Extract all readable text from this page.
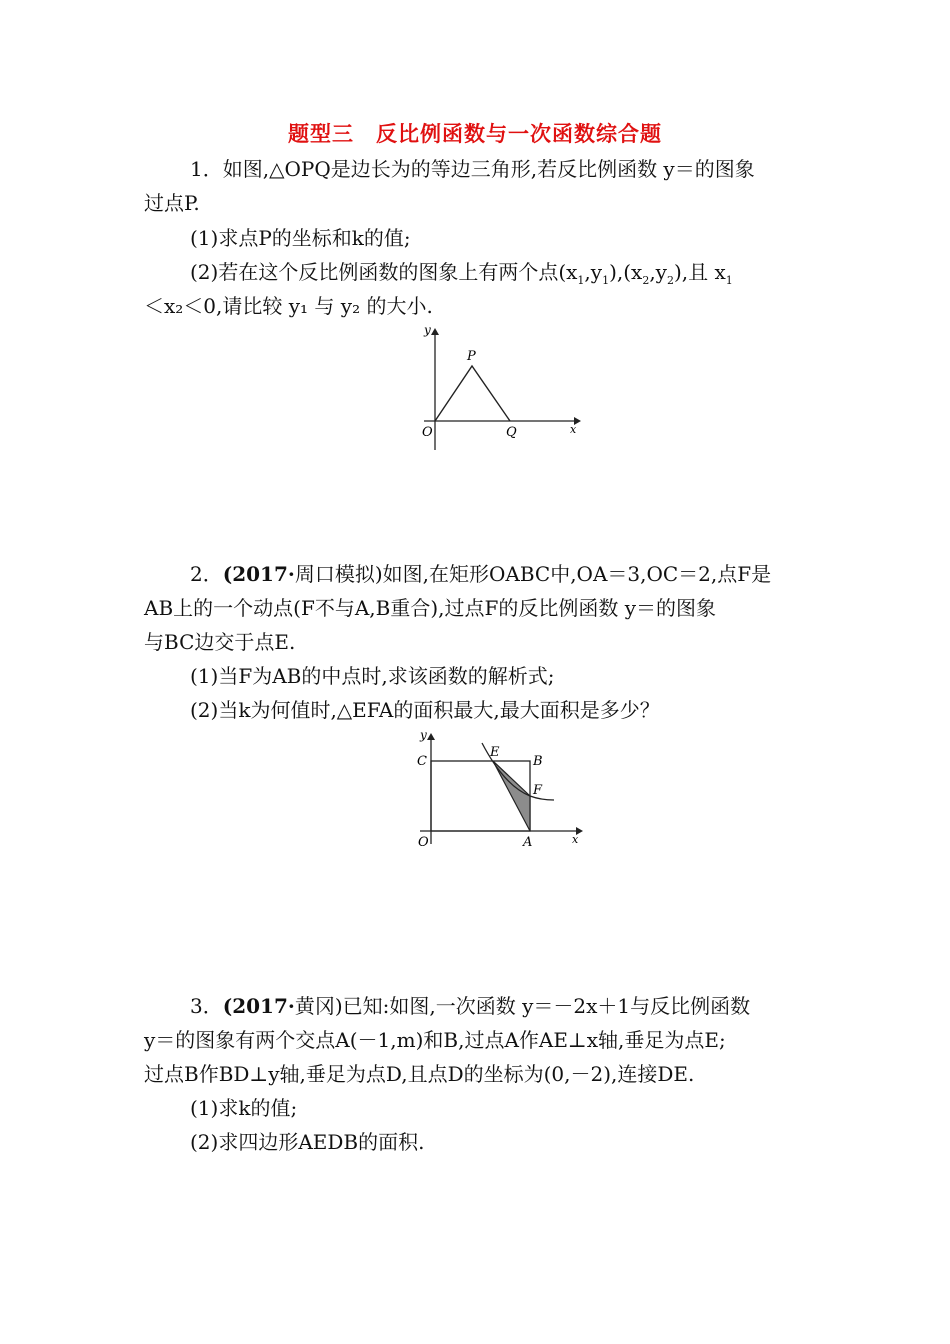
题型三　反比例函数与一次函数综合题
1．如图,△OPQ是边长为的等边三角形,若反比例函数 y＝的图象
过点P.
(1)求点P的坐标和k的值;
(2)若在这个反比例函数的图象上有两个点$(x_1,y_1),(x_2,y_2)$,且 $x_1$
＜x₂＜0,请比较 y₁ 与 y₂ 的大小.
y
x
O
P
Q
2．(2017·周口模拟)如图,在矩形OABC中,OA＝3,OC＝2,点F是
AB上的一个动点(F不与A,B重合),过点F的反比例函数 y＝的图象
与BC边交于点E.
(1)当F为AB的中点时,求该函数的解析式;
(2)当k为何值时,△EFA的面积最大,最大面积是多少？
y
x
O
C
E
B
F
A
3．(2017·黄冈)已知:如图,一次函数 y＝－2x＋1与反比例函数
y＝的图象有两个交点A(－1,m)和B,过点A作AE⊥x轴,垂足为点E;
过点B作BD⊥y轴,垂足为点D,且点D的坐标为(0,－2),连接DE.
(1)求k的值;
(2)求四边形AEDB的面积.
